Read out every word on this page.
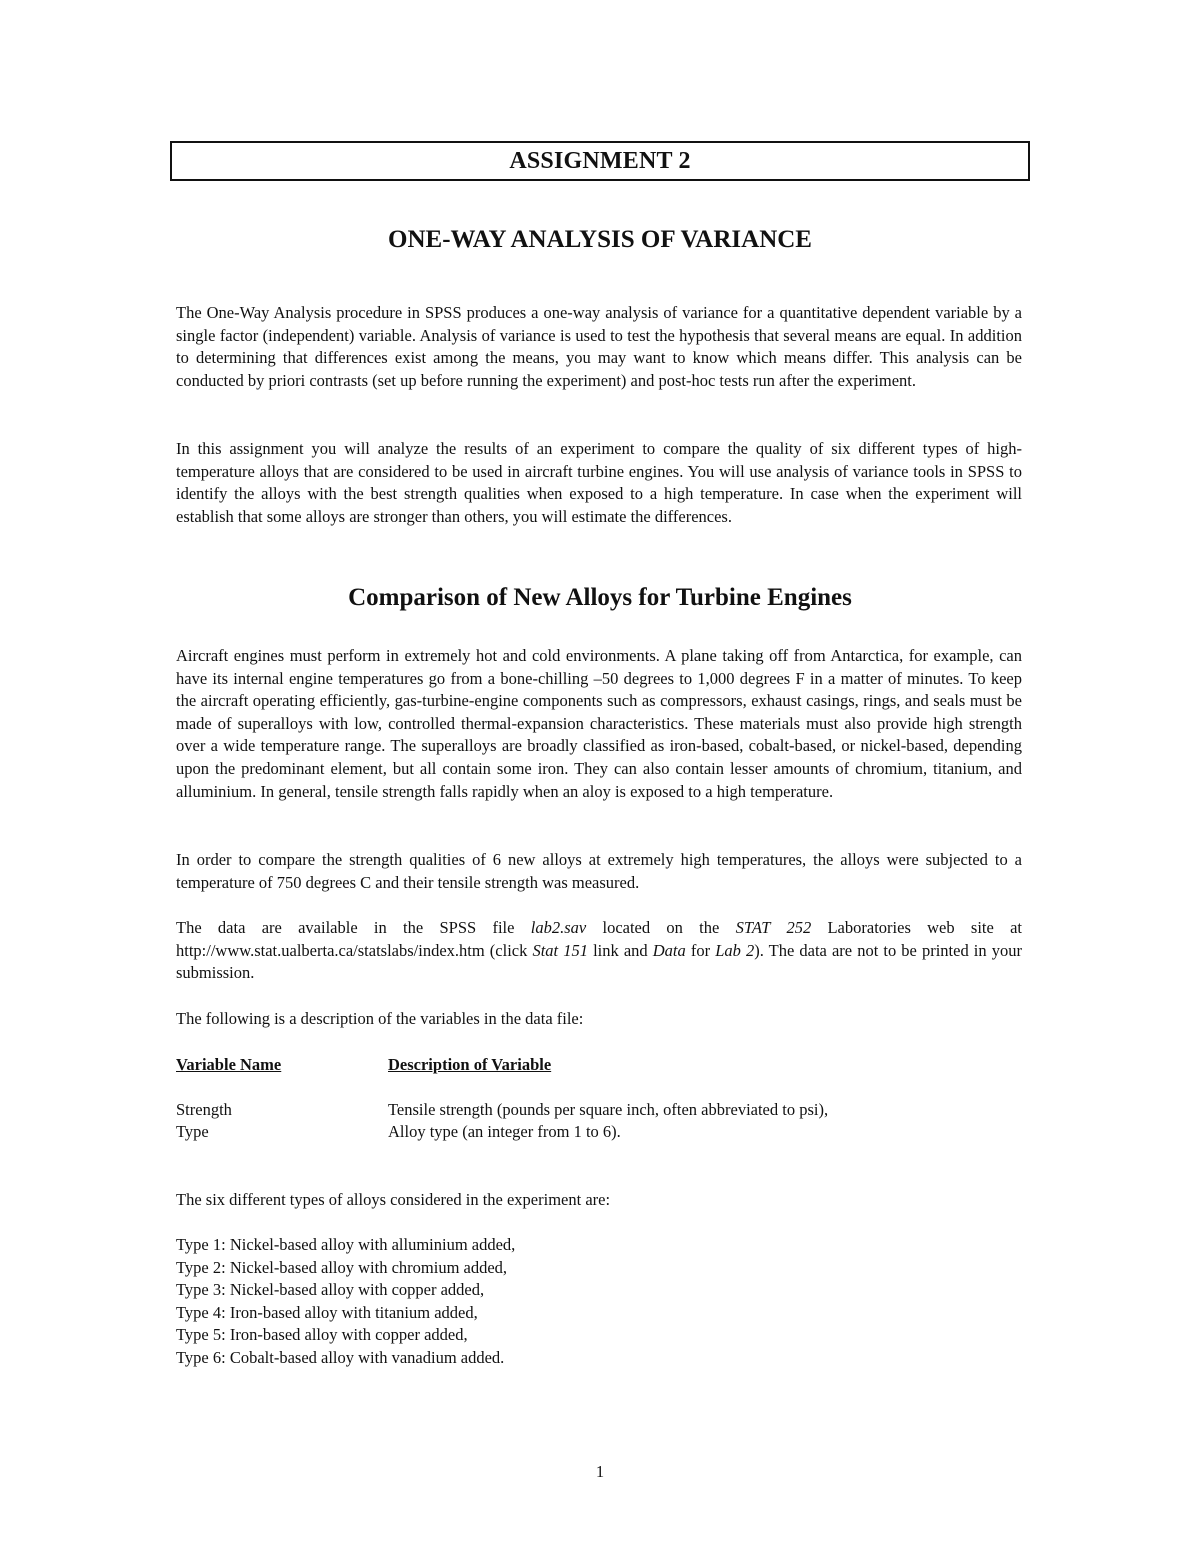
ASSIGNMENT 2
ONE-WAY ANALYSIS OF VARIANCE

The One-Way Analysis procedure in SPSS produces a one-way analysis of variance for a quantitative dependent variable by a single factor (independent) variable. Analysis of variance is used to test the hypothesis that several means are equal. In addition to determining that differences exist among the means, you may want to know which means differ. This analysis can be conducted by priori contrasts (set up before running the experiment) and post-hoc tests run after the experiment.

In this assignment you will analyze the results of an experiment to compare the quality of six different types of high-temperature alloys that are considered to be used in aircraft turbine engines. You will use analysis of variance tools in SPSS to identify the alloys with the best strength qualities when exposed to a high temperature. In case when the experiment will establish that some alloys are stronger than others, you will estimate the differences.

Comparison of New Alloys for Turbine Engines

Aircraft engines must perform in extremely hot and cold environments. A plane taking off from Antarctica, for example, can have its internal engine temperatures go from a bone-chilling –50 degrees to 1,000 degrees F in a matter of minutes. To keep the aircraft operating efficiently, gas-turbine-engine components such as compressors, exhaust casings, rings, and seals must be made of superalloys with low, controlled thermal-expansion characteristics. These materials must also provide high strength over a wide temperature range. The superalloys are broadly classified as iron-based, cobalt-based, or nickel-based, depending upon the predominant element, but all contain some iron. They can also contain lesser amounts of chromium, titanium, and alluminium. In general, tensile strength falls rapidly when an aloy is exposed to a high temperature.

In order to compare the strength qualities of 6 new alloys at extremely high temperatures, the alloys were subjected to a temperature of 750 degrees C and their tensile strength was measured.

The data are available in the SPSS file lab2.sav located on the STAT 252 Laboratories web site at http://www.stat.ualberta.ca/statslabs/index.htm (click Stat 151 link and Data for Lab 2). The data are not to be printed in your submission.

The following is a description of the variables in the data file:

Variable Name	Description of Variable
Strength	Tensile strength (pounds per square inch, often abbreviated to psi),
Type	Alloy type (an integer from 1 to 6).

The six different types of alloys considered in the experiment are:

Type 1: Nickel-based alloy with alluminium added,
Type 2: Nickel-based alloy with chromium added,
Type 3: Nickel-based alloy with copper added,
Type 4: Iron-based alloy with titanium added,
Type 5: Iron-based alloy with copper added,
Type 6: Cobalt-based alloy with vanadium added.
1
